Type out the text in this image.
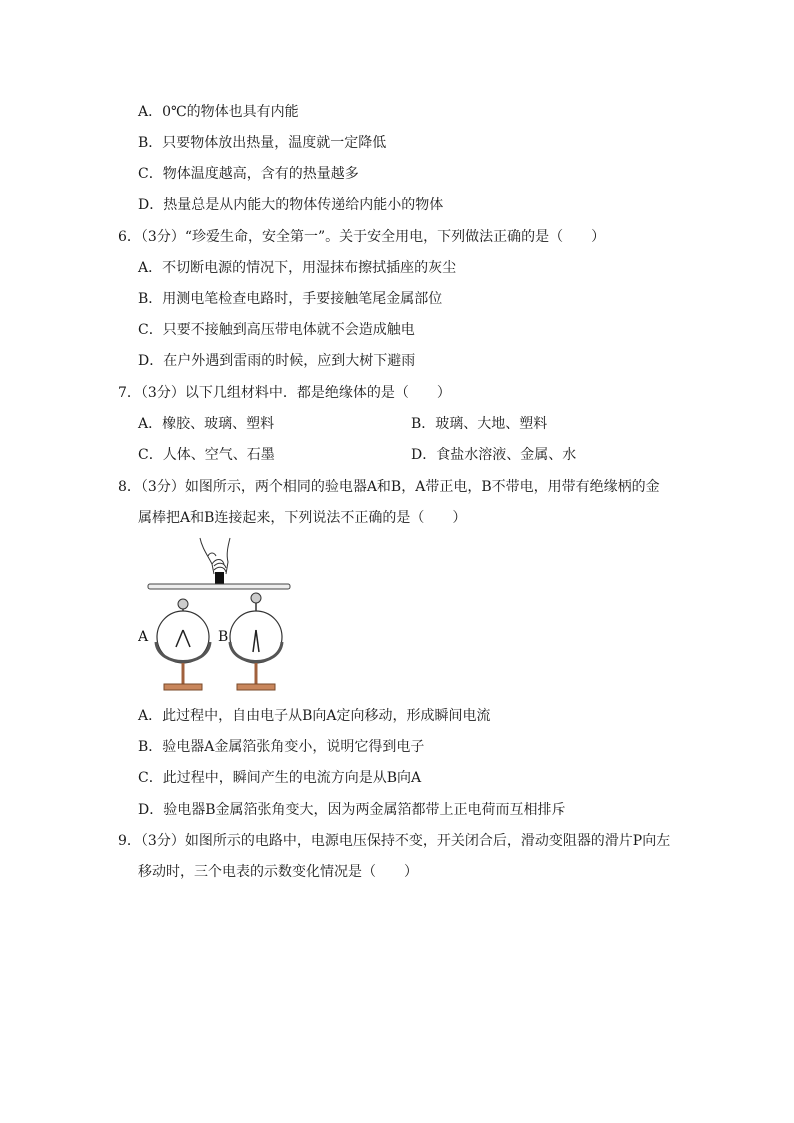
A．0℃的物体也具有内能
B．只要物体放出热量，温度就一定降低
C．物体温度越高，含有的热量越多
D．热量总是从内能大的物体传递给内能小的物体
6．（3分）“珍爱生命，安全第一”。关于安全用电，下列做法正确的是（　　）
A．不切断电源的情况下，用湿抹布擦拭插座的灰尘
B．用测电笔检查电路时，手要接触笔尾金属部位
C．只要不接触到高压带电体就不会造成触电
D．在户外遇到雷雨的时候，应到大树下避雨
7．（3分）以下几组材料中．都是绝缘体的是（　　）
A．橡胶、玻璃、塑料	B．玻璃、大地、塑料
C．人体、空气、石墨	D．食盐水溶液、金属、水
8．（3分）如图所示，两个相同的验电器A和B，A带正电，B不带电，用带有绝缘柄的金
属棒把A和B连接起来，下列说法不正确的是（　　）
A	B
A．此过程中，自由电子从B向A定向移动，形成瞬间电流
B．验电器A金属箔张角变小，说明它得到电子
C．此过程中，瞬间产生的电流方向是从B向A
D．验电器B金属箔张角变大，因为两金属箔都带上正电荷而互相排斥
9．（3分）如图所示的电路中，电源电压保持不变，开关闭合后，滑动变阻器的滑片P向左
移动时，三个电表的示数变化情况是（　　）
